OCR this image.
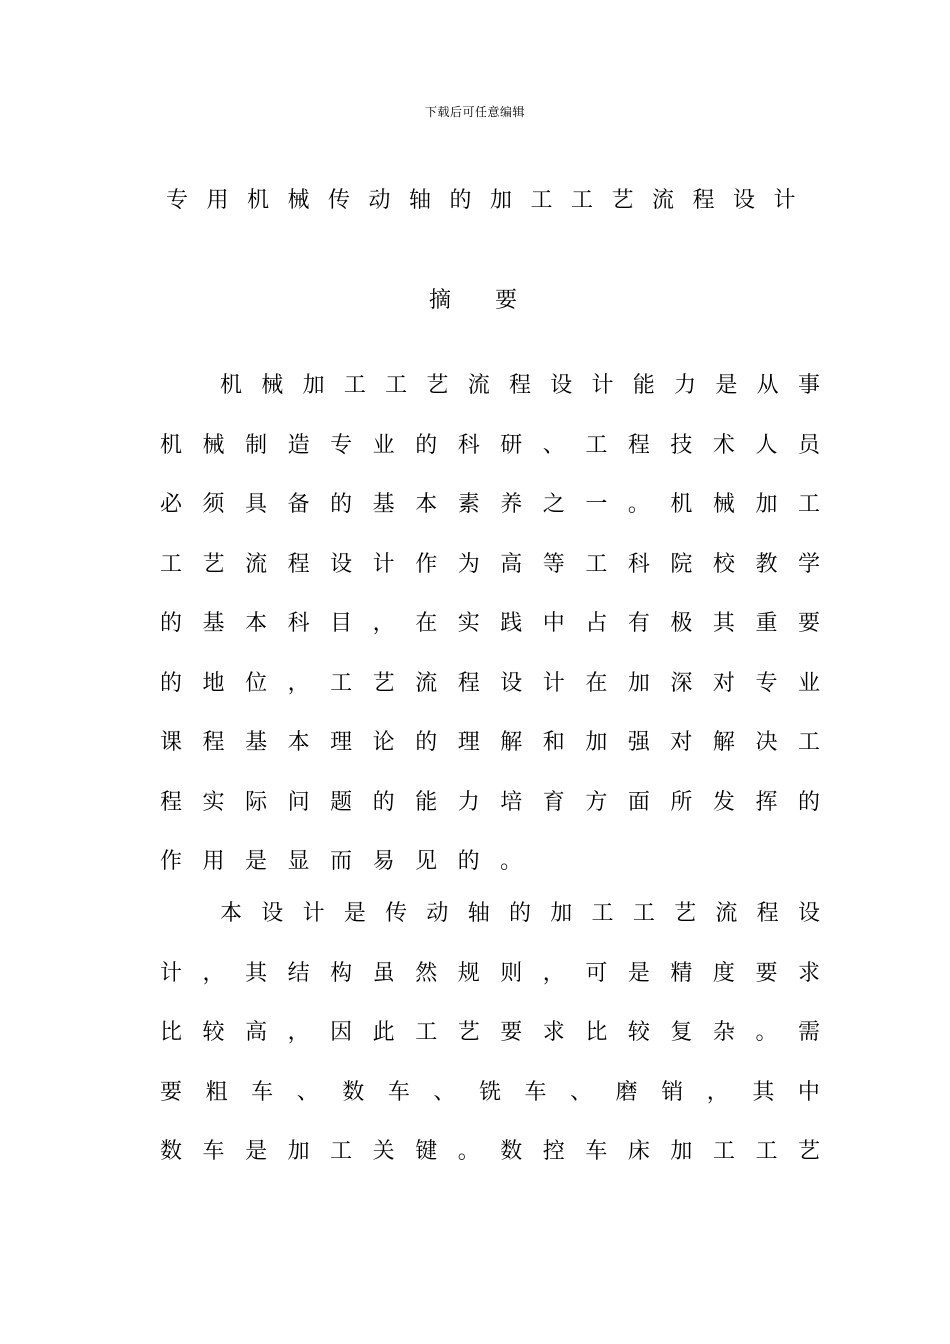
下载后可任意编辑
专用机械传动轴的加工工艺流程设计
摘要
机 械 加 工 工 艺 流 程 设 计 能 力 是 从 事
机 械 制 造 专 业 的 科 研 、 工 程 技 术 人 员
必 须 具 备 的 基 本 素 养 之 一 。 机 械 加 工
工 艺 流 程 设 计 作 为 高 等 工 科 院 校 教 学
的 基 本 科 目 ， 在 实 践 中 占 有 极 其 重 要
的 地 位 ， 工 艺 流 程 设 计 在 加 深 对 专 业
课 程 基 本 理 论 的 理 解 和 加 强 对 解 决 工
程 实 际 问 题 的 能 力 培 育 方 面 所 发 挥 的
作 用 是 显 而 易 见 的 。
本 设 计 是 传 动 轴 的 加 工 工 艺 流 程 设
计 ， 其 结 构 虽 然 规 则 ， 可 是 精 度 要 求
比 较 高 ， 因 此 工 艺 要 求 比 较 复 杂 。 需
要 粗 车 、 数 车 、 铣 车 、 磨 销 ， 其 中
数 车 是 加 工 关 键 。 数 控 车 床 加 工 工 艺
